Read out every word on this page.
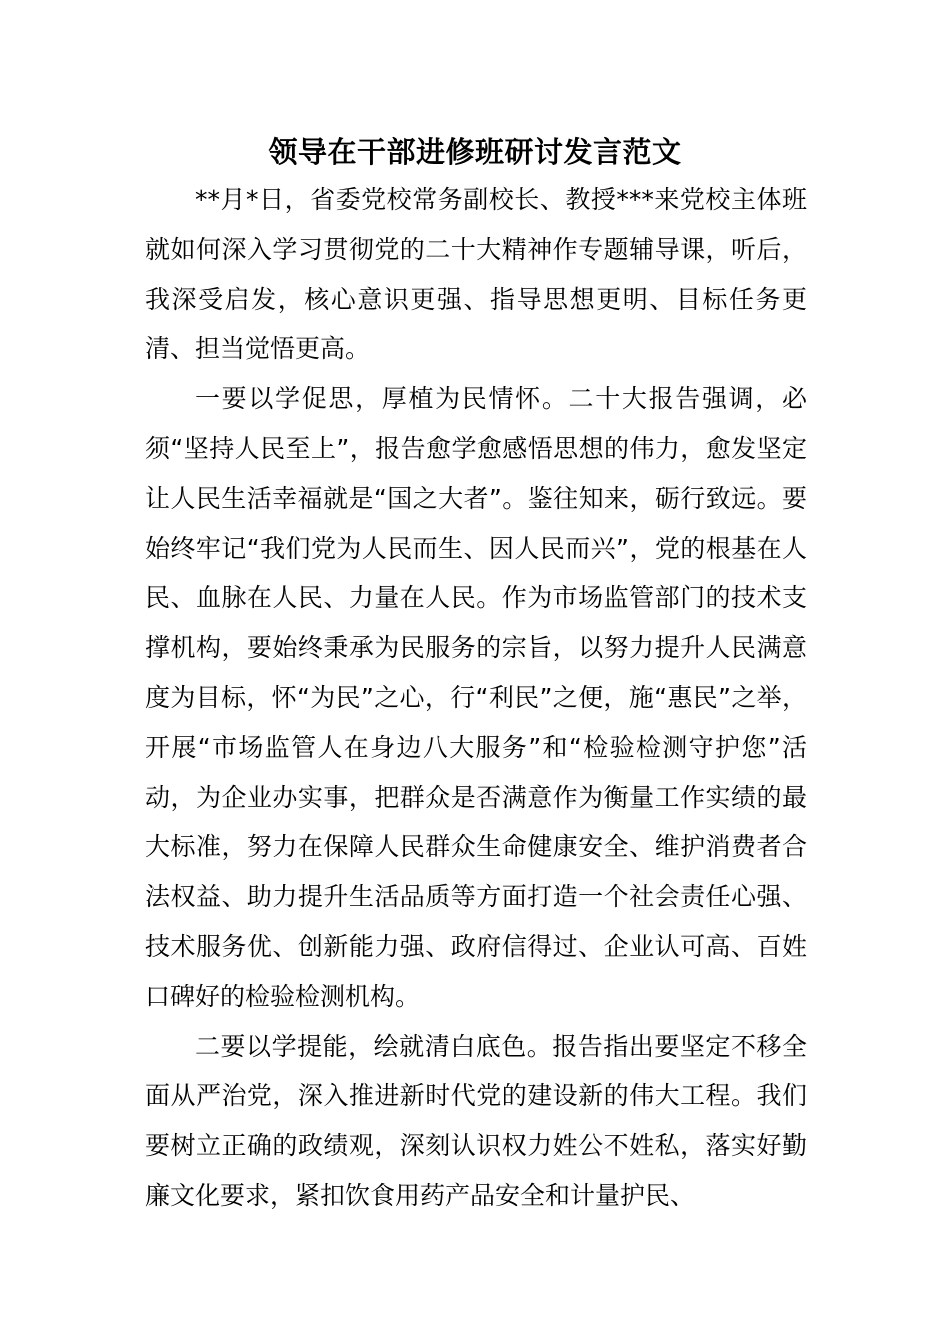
领导在干部进修班研讨发言范文

**月*日，省委党校常务副校长、教授***来党校主体班就如何深入学习贯彻党的二十大精神作专题辅导课，听后，我深受启发，核心意识更强、指导思想更明、目标任务更清、担当觉悟更高。

一要以学促思，厚植为民情怀。二十大报告强调，必须“坚持人民至上”，报告愈学愈感悟思想的伟力，愈发坚定让人民生活幸福就是“国之大者”。鉴往知来，砺行致远。要始终牢记“我们党为人民而生、因人民而兴”，党的根基在人民、血脉在人民、力量在人民。作为市场监管部门的技术支撑机构，要始终秉承为民服务的宗旨，以努力提升人民满意度为目标，怀“为民”之心，行“利民”之便，施“惠民”之举，开展“市场监管人在身边八大服务”和“检验检测守护您”活动，为企业办实事，把群众是否满意作为衡量工作实绩的最大标准，努力在保障人民群众生命健康安全、维护消费者合法权益、助力提升生活品质等方面打造一个社会责任心强、技术服务优、创新能力强、政府信得过、企业认可高、百姓口碑好的检验检测机构。

二要以学提能，绘就清白底色。报告指出要坚定不移全面从严治党，深入推进新时代党的建设新的伟大工程。我们要树立正确的政绩观，深刻认识权力姓公不姓私，落实好勤廉文化要求，紧扣饮食用药产品安全和计量护民、
